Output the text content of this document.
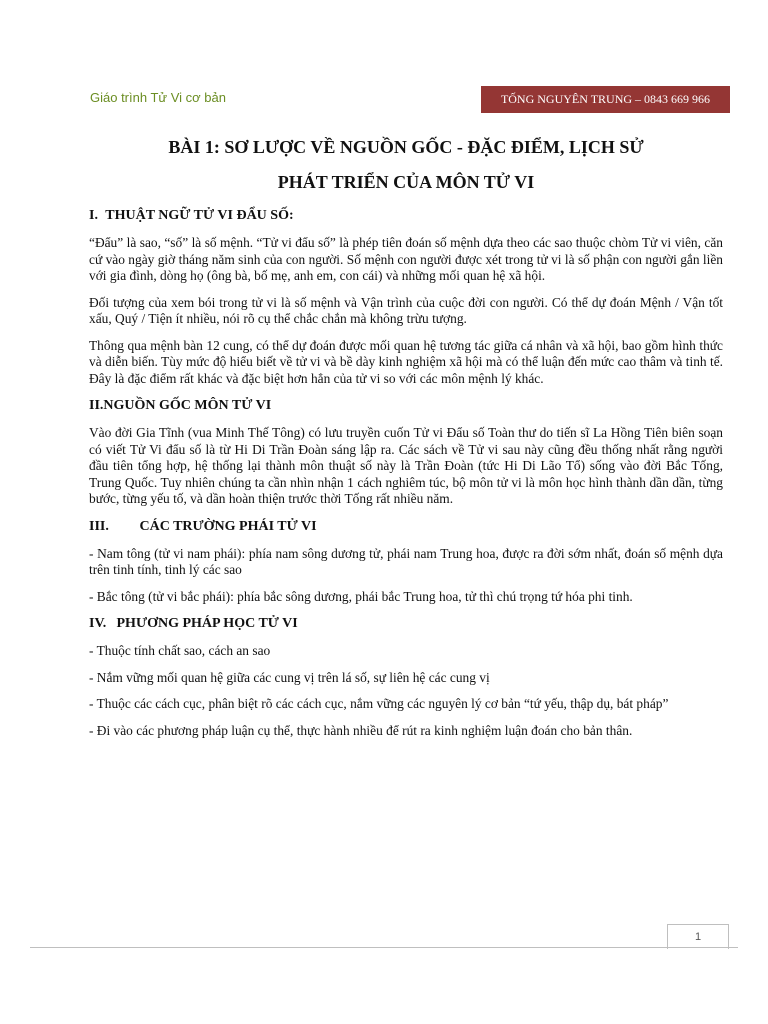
Giáo trình Tử Vi cơ bản	TỐNG NGUYÊN TRUNG – 0843 669 966
BÀI 1: SƠ LƯỢC VỀ NGUỒN GỐC - ĐẶC ĐIỂM, LỊCH SỬ
PHÁT TRIỂN CỦA MÔN TỬ VI
I. THUẬT NGỮ TỬ VI ĐẨU SỐ:

“Đẩu” là sao, “số” là số mệnh. “Tử vi đẩu số” là phép tiên đoán số mệnh dựa theo các sao thuộc chòm Tử vi viên, căn cứ vào ngày giờ tháng năm sinh của con người. Số mệnh con người được xét trong tử vi là số phận con người gắn liền với gia đình, dòng họ (ông bà, bố mẹ, anh em, con cái) và những mối quan hệ xã hội.

Đối tượng của xem bói trong tử vi là số mệnh và Vận trình của cuộc đời con người. Có thể dự đoán Mệnh / Vận tốt xấu, Quý / Tiện ít nhiều, nói rõ cụ thể chắc chắn mà không trừu tượng.

Thông qua mệnh bàn 12 cung, có thể dự đoán được mối quan hệ tương tác giữa cá nhân và xã hội, bao gồm hình thức và diễn biến. Tùy mức độ hiểu biết về tử vi và bề dày kinh nghiệm xã hội mà có thể luận đến mức cao thâm và tinh tế. Đây là đặc điểm rất khác và đặc biệt hơn hẳn của tử vi so với các môn mệnh lý khác.

II.NGUỒN GỐC MÔN TỬ VI

Vào đời Gia Tĩnh (vua Minh Thế Tông) có lưu truyền cuốn Tử vi Đẩu số Toàn thư do tiến sĩ La Hồng Tiên biên soạn có viết Tử Vi đẩu số là từ Hi Di Trần Đoàn sáng lập ra. Các sách về Tử vi sau này cũng đều thống nhất rằng người đầu tiên tổng hợp, hệ thống lại thành môn thuật số này là Trần Đoàn (tức Hi Di Lão Tổ) sống vào đời Bắc Tống, Trung Quốc. Tuy nhiên chúng ta cần nhìn nhận 1 cách nghiêm túc, bộ môn tử vi là môn học hình thành dần dần, từng bước, từng yếu tố, và dần hoàn thiện trước thời Tống rất nhiều năm.

III. CÁC TRƯỜNG PHÁI TỬ VI

- Nam tông (tử vi nam phái): phía nam sông dương tử, phái nam Trung hoa, được ra đời sớm nhất, đoán số mệnh dựa trên tinh tính, tinh lý các sao

- Bắc tông (tử vi bắc phái): phía bắc sông dương, phái bắc Trung hoa, tử thì chú trọng tứ hóa phi tinh.

IV. PHƯƠNG PHÁP HỌC TỬ VI

- Thuộc tính chất sao, cách an sao

- Nắm vững mối quan hệ giữa các cung vị trên lá số, sự liên hệ các cung vị

- Thuộc các cách cục, phân biệt rõ các cách cục, nắm vững các nguyên lý cơ bản “tứ yếu, thập dụ, bát pháp”

- Đi vào các phương pháp luận cụ thể, thực hành nhiều để rút ra kinh nghiệm luận đoán cho bản thân.

1
